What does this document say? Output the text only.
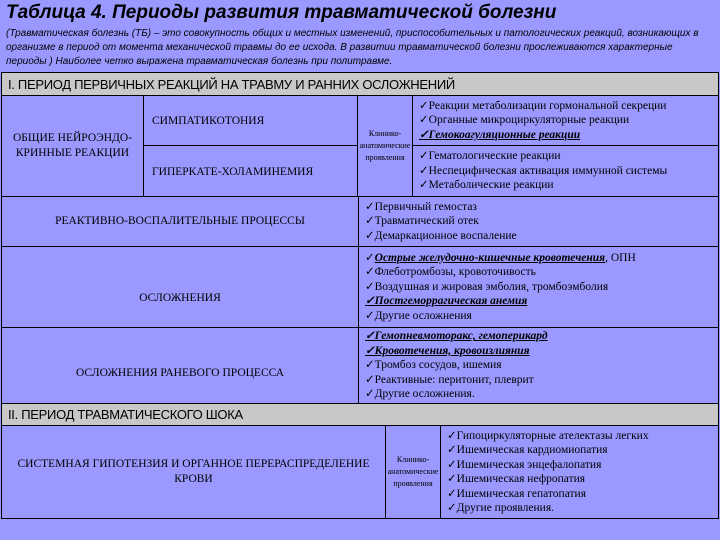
Таблица 4. Периоды развития травматической болезни
(Травматическая болезнь (ТБ) – это совокупность общих и местных изменений, приспособительных и патологических реакций, возникающих в организме в период от момента механической травмы до ее исхода. В развитии травматической болезни прослеживаются характерные периоды ) Наиболее четко выражена травматическая болезнь при политравме.
I. ПЕРИОД ПЕРВИЧНЫХ РЕАКЦИЙ НА ТРАВМУ И РАННИХ ОСЛОЖНЕНИЙ
ОБЩИЕ НЕЙРОЭНДО-КРИННЫЕ РЕАКЦИИ
СИМПАТИКОТОНИЯ
ГИПЕРКАТЕ-ХОЛАМИНЕМИЯ
Клинико-анатомические проявления
✓ Реакции метаболизации гормональной секреции
✓ Органные микроциркуляторные реакции
✓ Гемокоагуляционные реакции
✓ Гематологические реакции
✓ Неспецифическая активация иммунной системы
✓ Метаболические реакции
РЕАКТИВНО-ВОСПАЛИТЕЛЬНЫЕ ПРОЦЕССЫ
✓ Первичный гемостаз
✓ Травматический отек
✓ Демаркационное воспаление
ОСЛОЖНЕНИЯ
✓ Острые желудочно-кишечные кровотечения, ОПН
✓ Флеботромбозы, кровоточивость
✓ Воздушная и жировая эмболия, тромбоэмболия
✓ Постгеморрагическая анемия
✓ Другие осложнения
ОСЛОЖНЕНИЯ РАНЕВОГО ПРОЦЕССА
✓ Гемопневмоторакс, гемоперикард
✓ Кровотечения, кровоизлияния
✓ Тромбоз сосудов, ишемия
✓ Реактивные: перитонит, плеврит
✓ Другие осложнения.
II. ПЕРИОД ТРАВМАТИЧЕСКОГО ШОКА
СИСТЕМНАЯ ГИПОТЕНЗИЯ И ОРГАННОЕ ПЕРЕРАСПРЕДЕЛЕНИЕ КРОВИ
Клинико-анатомические проявления
✓ Гипоциркуляторные ателектазы легких
✓ Ишемическая кардиомиопатия
✓ Ишемическая энцефалопатия
✓ Ишемическая нефропатия
✓ Ишемическая гепатопатия
✓ Другие проявления.
